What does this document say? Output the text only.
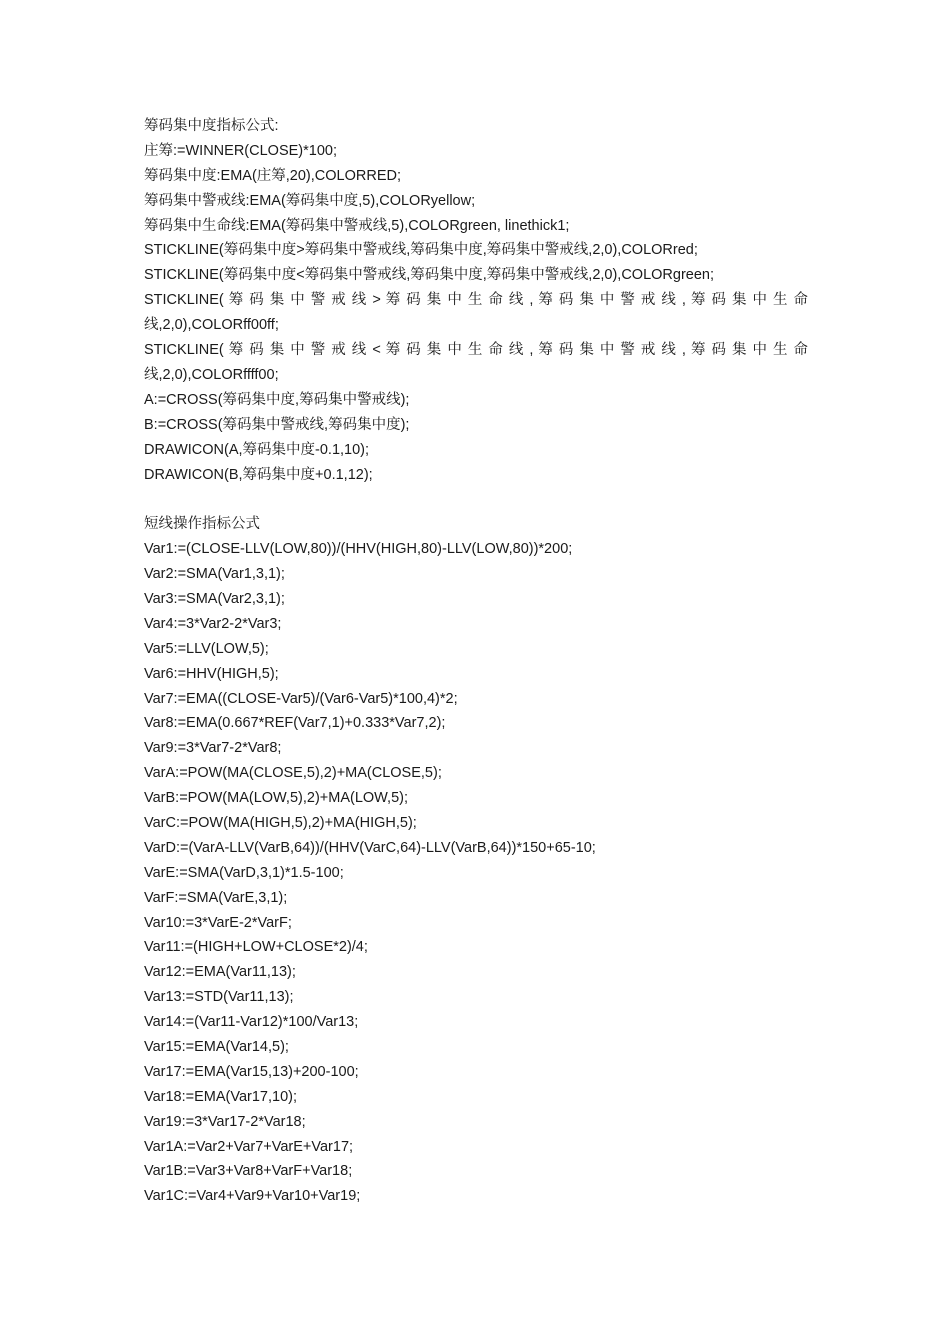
筹码集中度指标公式:
庄筹:=WINNER(CLOSE)*100;
筹码集中度:EMA(庄筹,20),COLORRED;
筹码集中警戒线:EMA(筹码集中度,5),COLORyellow;
筹码集中生命线:EMA(筹码集中警戒线,5),COLORgreen, linethick1;
STICKLINE(筹码集中度>筹码集中警戒线,筹码集中度,筹码集中警戒线,2,0),COLORred;
STICKLINE(筹码集中度<筹码集中警戒线,筹码集中度,筹码集中警戒线,2,0),COLORgreen;
STICKLINE( 筹 码 集 中 警 戒 线 > 筹 码 集 中 生 命 线 , 筹 码 集 中 警 戒 线 , 筹 码 集 中 生 命
线,2,0),COLORff00ff;
STICKLINE( 筹 码 集 中 警 戒 线 < 筹 码 集 中 生 命 线 , 筹 码 集 中 警 戒 线 , 筹 码 集 中 生 命
线,2,0),COLORffff00;
A:=CROSS(筹码集中度,筹码集中警戒线);
B:=CROSS(筹码集中警戒线,筹码集中度);
DRAWICON(A,筹码集中度-0.1,10);
DRAWICON(B,筹码集中度+0.1,12);
短线操作指标公式
Var1:=(CLOSE-LLV(LOW,80))/(HHV(HIGH,80)-LLV(LOW,80))*200;
Var2:=SMA(Var1,3,1);
Var3:=SMA(Var2,3,1);
Var4:=3*Var2-2*Var3;
Var5:=LLV(LOW,5);
Var6:=HHV(HIGH,5);
Var7:=EMA((CLOSE-Var5)/(Var6-Var5)*100,4)*2;
Var8:=EMA(0.667*REF(Var7,1)+0.333*Var7,2);
Var9:=3*Var7-2*Var8;
VarA:=POW(MA(CLOSE,5),2)+MA(CLOSE,5);
VarB:=POW(MA(LOW,5),2)+MA(LOW,5);
VarC:=POW(MA(HIGH,5),2)+MA(HIGH,5);
VarD:=(VarA-LLV(VarB,64))/(HHV(VarC,64)-LLV(VarB,64))*150+65-10;
VarE:=SMA(VarD,3,1)*1.5-100;
VarF:=SMA(VarE,3,1);
Var10:=3*VarE-2*VarF;
Var11:=(HIGH+LOW+CLOSE*2)/4;
Var12:=EMA(Var11,13);
Var13:=STD(Var11,13);
Var14:=(Var11-Var12)*100/Var13;
Var15:=EMA(Var14,5);
Var17:=EMA(Var15,13)+200-100;
Var18:=EMA(Var17,10);
Var19:=3*Var17-2*Var18;
Var1A:=Var2+Var7+VarE+Var17;
Var1B:=Var3+Var8+VarF+Var18;
Var1C:=Var4+Var9+Var10+Var19;
